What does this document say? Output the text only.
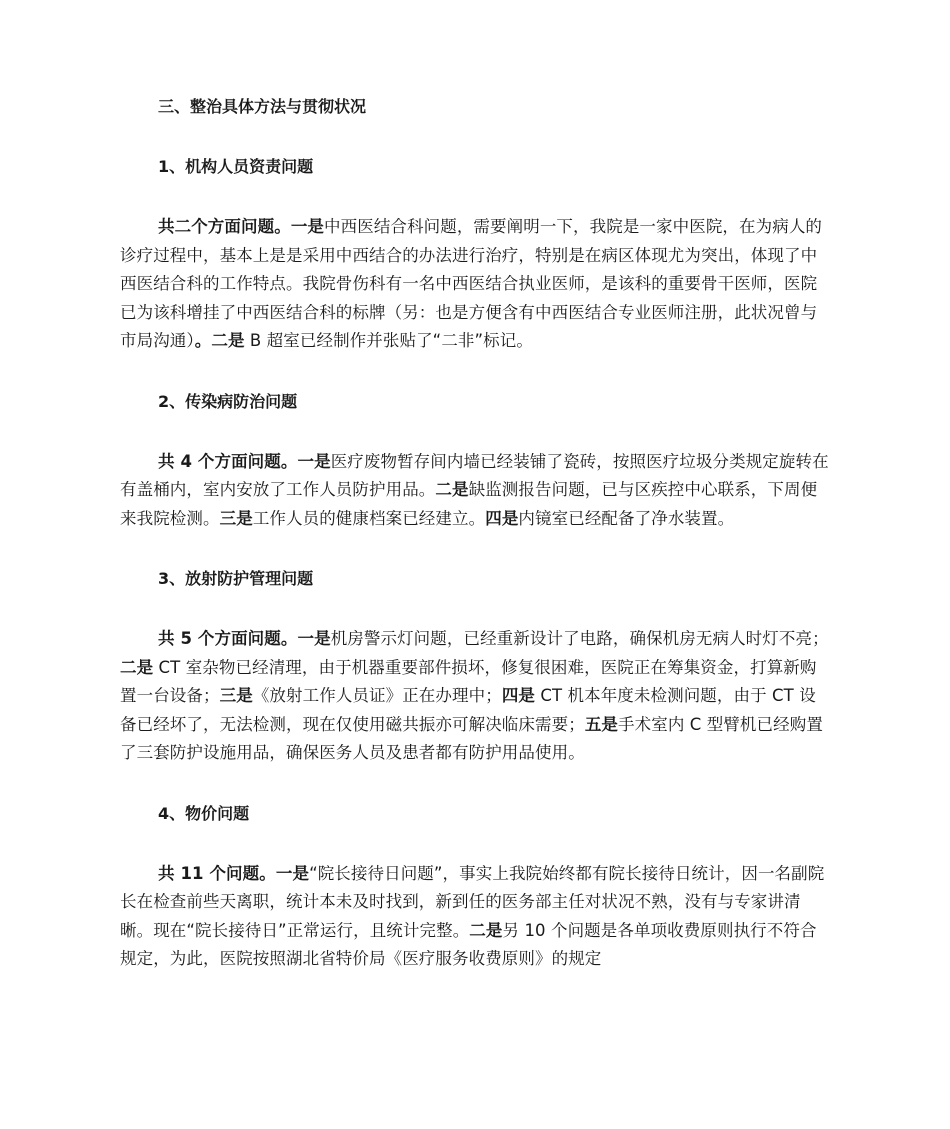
三、整治具体方法与贯彻状况

1、机构人员资责问题

共二个方面问题。一是中西医结合科问题，需要阐明一下，我院是一家中医院，在为病人的诊疗过程中，基本上是是采用中西结合的办法进行治疗，特别是在病区体现尤为突出，体现了中西医结合科的工作特点。我院骨伤科有一名中西医结合执业医师，是该科的重要骨干医师，医院已为该科增挂了中西医结合科的标牌（另：也是方便含有中西医结合专业医师注册，此状况曾与市局沟通）。二是 B 超室已经制作并张贴了“二非”标记。

2、传染病防治问题

共 4 个方面问题。一是医疗废物暂存间内墙已经装铺了瓷砖，按照医疗垃圾分类规定旋转在有盖桶内，室内安放了工作人员防护用品。二是缺监测报告问题，已与区疾控中心联系，下周便来我院检测。三是工作人员的健康档案已经建立。四是内镜室已经配备了净水装置。

3、放射防护管理问题

共 5 个方面问题。一是机房警示灯问题，已经重新设计了电路，确保机房无病人时灯不亮；二是 CT 室杂物已经清理，由于机器重要部件损坏，修复很困难，医院正在筹集资金，打算新购置一台设备；三是《放射工作人员证》正在办理中；四是 CT 机本年度未检测问题，由于 CT 设备已经坏了，无法检测，现在仅使用磁共振亦可解决临床需要；五是手术室内 C 型臂机已经购置了三套防护设施用品，确保医务人员及患者都有防护用品使用。

4、物价问题

共 11 个问题。一是“院长接待日问题”，事实上我院始终都有院长接待日统计，因一名副院长在检查前些天离职，统计本未及时找到，新到任的医务部主任对状况不熟，没有与专家讲清晰。现在“院长接待日”正常运行，且统计完整。二是另 10 个问题是各单项收费原则执行不符合规定，为此，医院按照湖北省特价局《医疗服务收费原则》的规定
